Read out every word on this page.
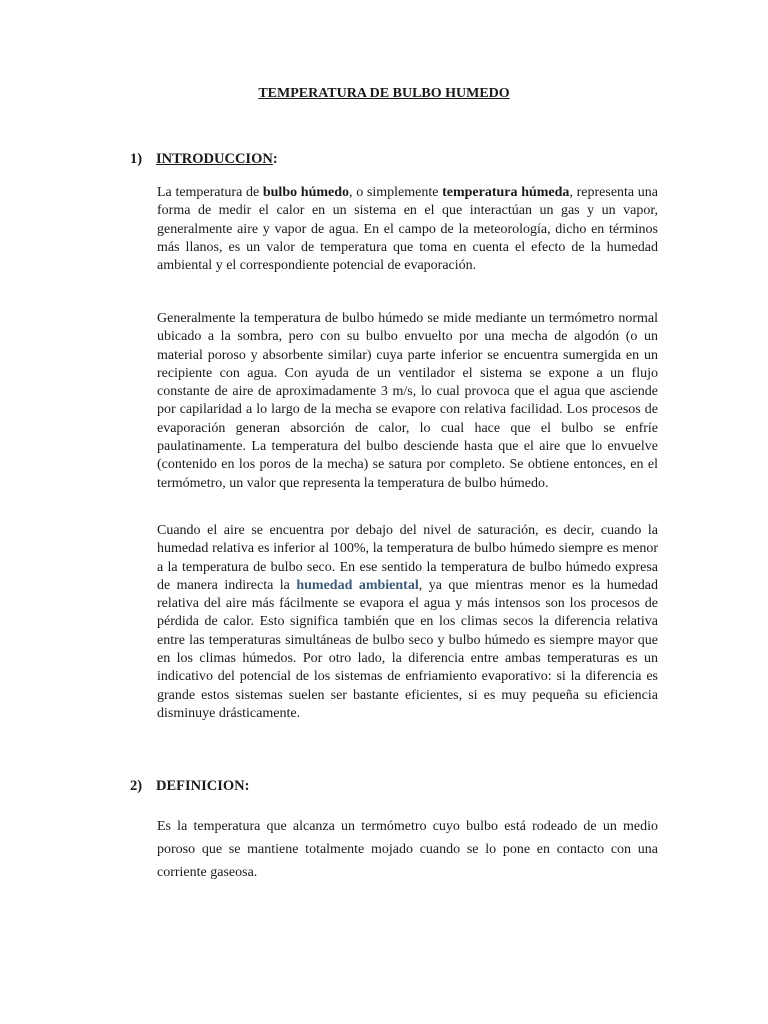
TEMPERATURA DE BULBO HUMEDO
1) INTRODUCCION:

La temperatura de bulbo húmedo, o simplemente temperatura húmeda, representa una forma de medir el calor en un sistema en el que interactúan un gas y un vapor, generalmente aire y vapor de agua. En el campo de la meteorología, dicho en términos más llanos, es un valor de temperatura que toma en cuenta el efecto de la humedad ambiental y el correspondiente potencial de evaporación.

Generalmente la temperatura de bulbo húmedo se mide mediante un termómetro normal ubicado a la sombra, pero con su bulbo envuelto por una mecha de algodón (o un material poroso y absorbente similar) cuya parte inferior se encuentra sumergida en un recipiente con agua. Con ayuda de un ventilador el sistema se expone a un flujo constante de aire de aproximadamente 3 m/s, lo cual provoca que el agua que asciende por capilaridad a lo largo de la mecha se evapore con relativa facilidad. Los procesos de evaporación generan absorción de calor, lo cual hace que el bulbo se enfríe paulatinamente. La temperatura del bulbo desciende hasta que el aire que lo envuelve (contenido en los poros de la mecha) se satura por completo. Se obtiene entonces, en el termómetro, un valor que representa la temperatura de bulbo húmedo.

Cuando el aire se encuentra por debajo del nivel de saturación, es decir, cuando la humedad relativa es inferior al 100%, la temperatura de bulbo húmedo siempre es menor a la temperatura de bulbo seco. En ese sentido la temperatura de bulbo húmedo expresa de manera indirecta la humedad ambiental, ya que mientras menor es la humedad relativa del aire más fácilmente se evapora el agua y más intensos son los procesos de pérdida de calor. Esto significa también que en los climas secos la diferencia relativa entre las temperaturas simultáneas de bulbo seco y bulbo húmedo es siempre mayor que en los climas húmedos. Por otro lado, la diferencia entre ambas temperaturas es un indicativo del potencial de los sistemas de enfriamiento evaporativo: si la diferencia es grande estos sistemas suelen ser bastante eficientes, si es muy pequeña su eficiencia disminuye drásticamente.

2) DEFINICION:

Es la temperatura que alcanza un termómetro cuyo bulbo está rodeado de un medio poroso que se mantiene totalmente mojado cuando se lo pone en contacto con una corriente gaseosa.
